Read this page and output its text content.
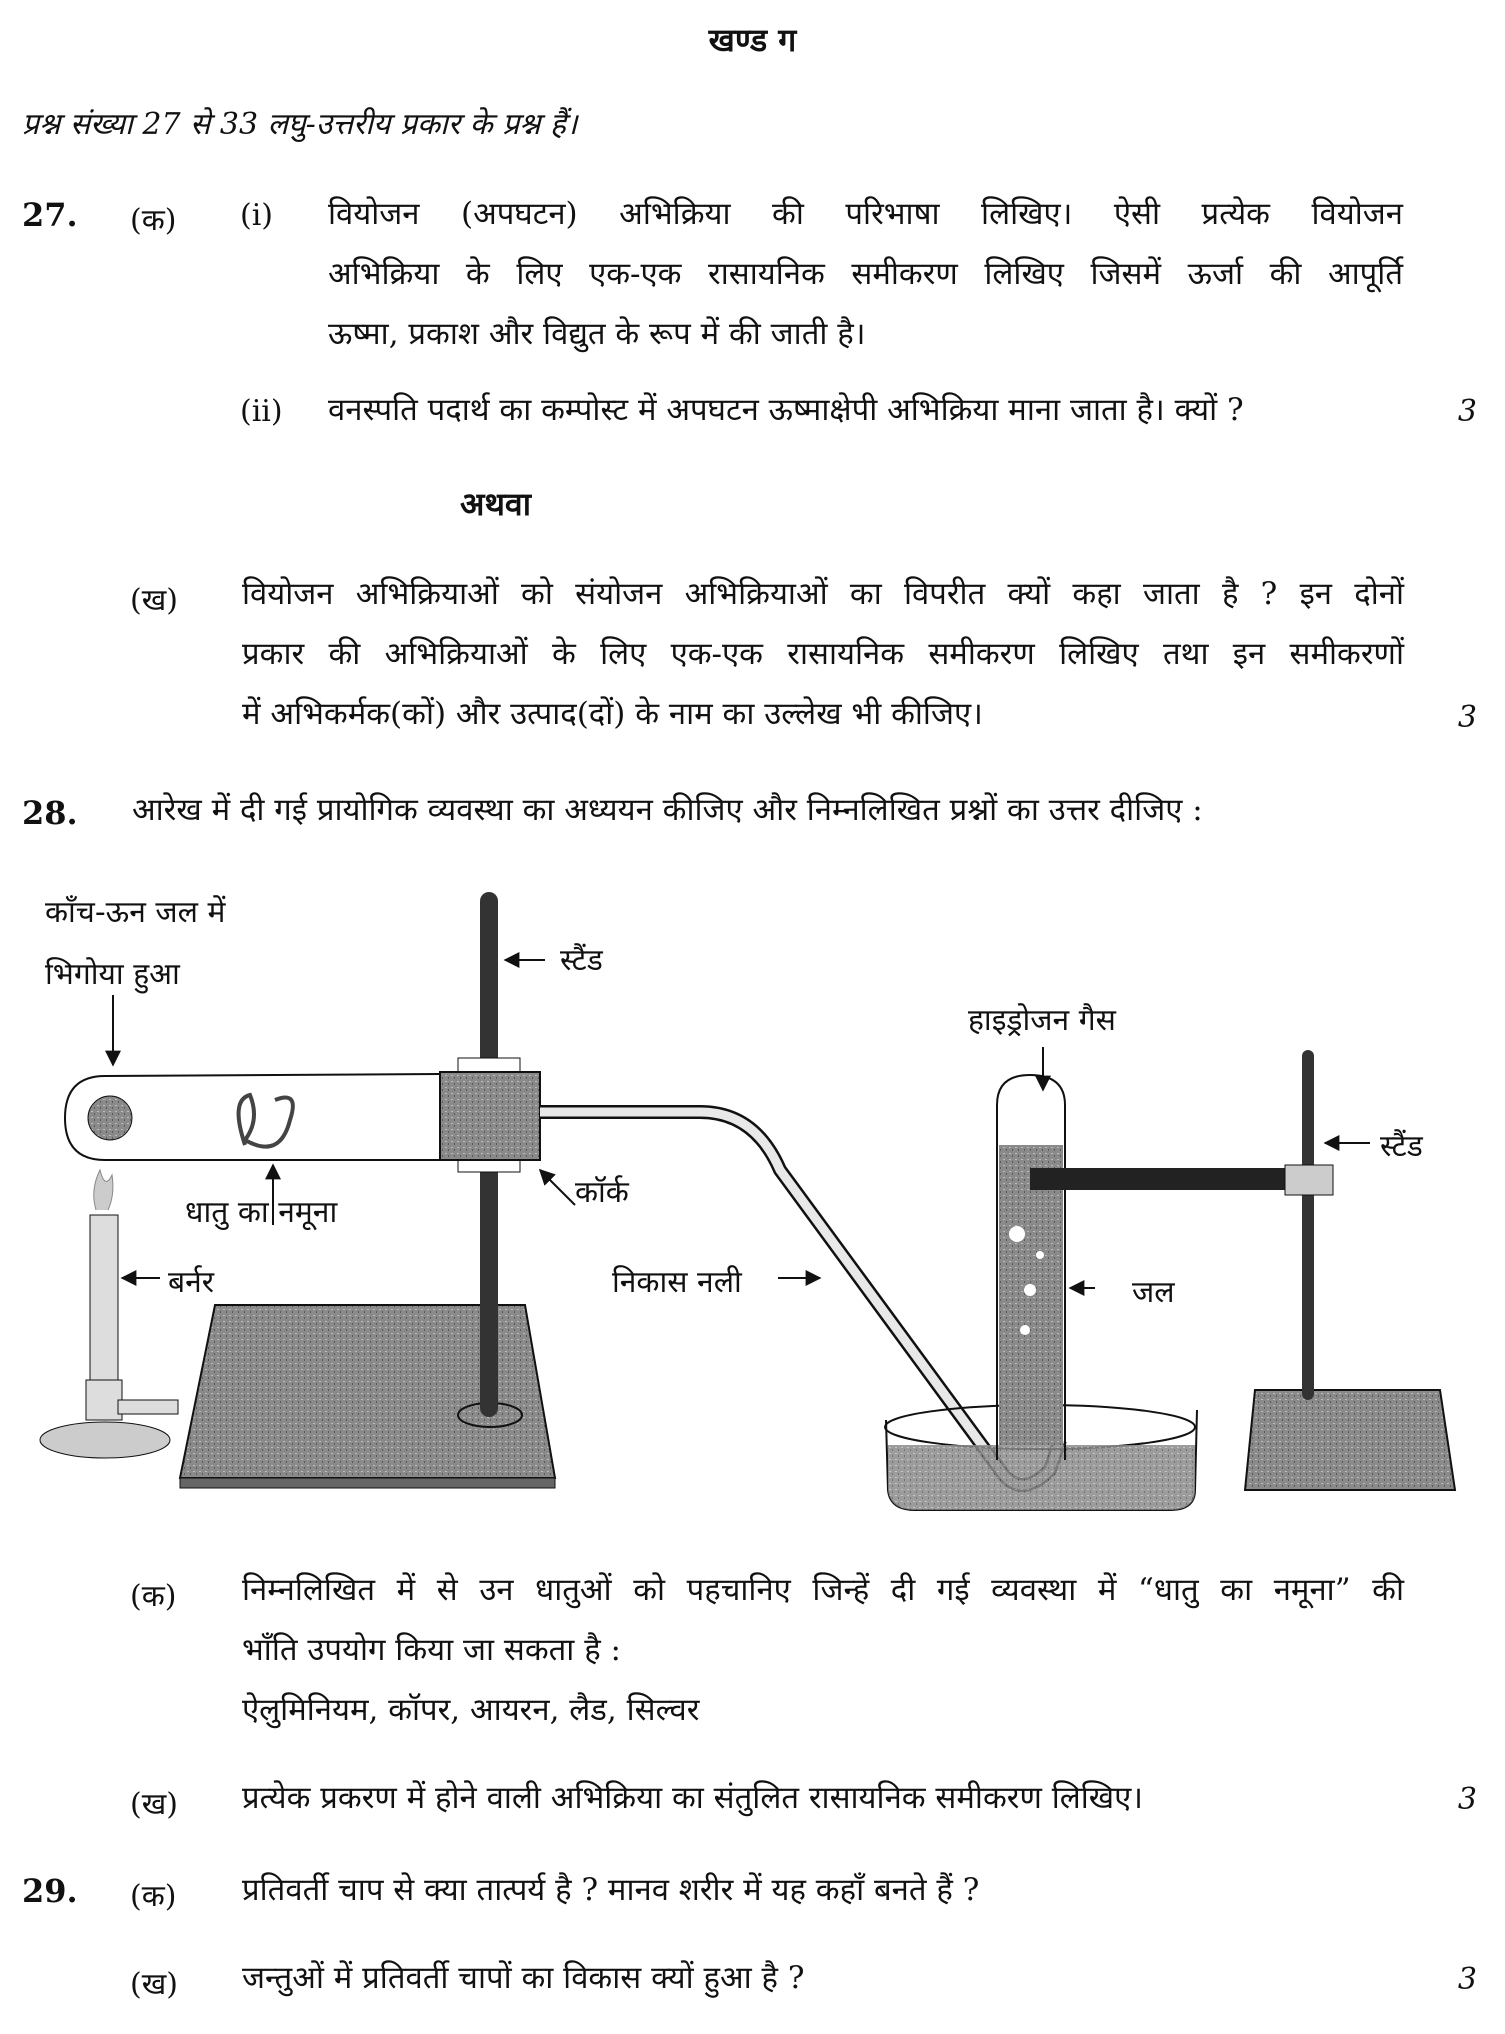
खण्ड ग
प्रश्न संख्या 27 से 33 लघु-उत्तरीय प्रकार के प्रश्न हैं।
27. (क) (i) वियोजन (अपघटन) अभिक्रिया की परिभाषा लिखिए। ऐसी प्रत्येक वियोजन
अभिक्रिया के लिए एक-एक रासायनिक समीकरण लिखिए जिसमें ऊर्जा की आपूर्ति
ऊष्मा, प्रकाश और विद्युत के रूप में की जाती है।
(ii) वनस्पति पदार्थ का कम्पोस्ट में अपघटन ऊष्माक्षेपी अभिक्रिया माना जाता है। क्यों ?	3
अथवा
(ख) वियोजन अभिक्रियाओं को संयोजन अभिक्रियाओं का विपरीत क्यों कहा जाता है ? इन दोनों
प्रकार की अभिक्रियाओं के लिए एक-एक रासायनिक समीकरण लिखिए तथा इन समीकरणों
में अभिकर्मक(कों) और उत्पाद(दों) के नाम का उल्लेख भी कीजिए।	3
28. आरेख में दी गई प्रायोगिक व्यवस्था का अध्ययन कीजिए और निम्नलिखित प्रश्नों का उत्तर दीजिए :
काँच-ऊन जल में
भिगोया हुआ	स्टैंड
धातु का नमूना
कॉर्क
बर्नर	निकास नली
हाइड्रोजन गैस
स्टैंड
जल
(क) निम्नलिखित में से उन धातुओं को पहचानिए जिन्हें दी गई व्यवस्था में “धातु का नमूना” की
भाँति उपयोग किया जा सकता है :
ऐलुमिनियम, कॉपर, आयरन, लैड, सिल्वर
(ख) प्रत्येक प्रकरण में होने वाली अभिक्रिया का संतुलित रासायनिक समीकरण लिखिए।	3
29. (क) प्रतिवर्ती चाप से क्या तात्पर्य है ? मानव शरीर में यह कहाँ बनते हैं ?
(ख) जन्तुओं में प्रतिवर्ती चापों का विकास क्यों हुआ है ?	3
